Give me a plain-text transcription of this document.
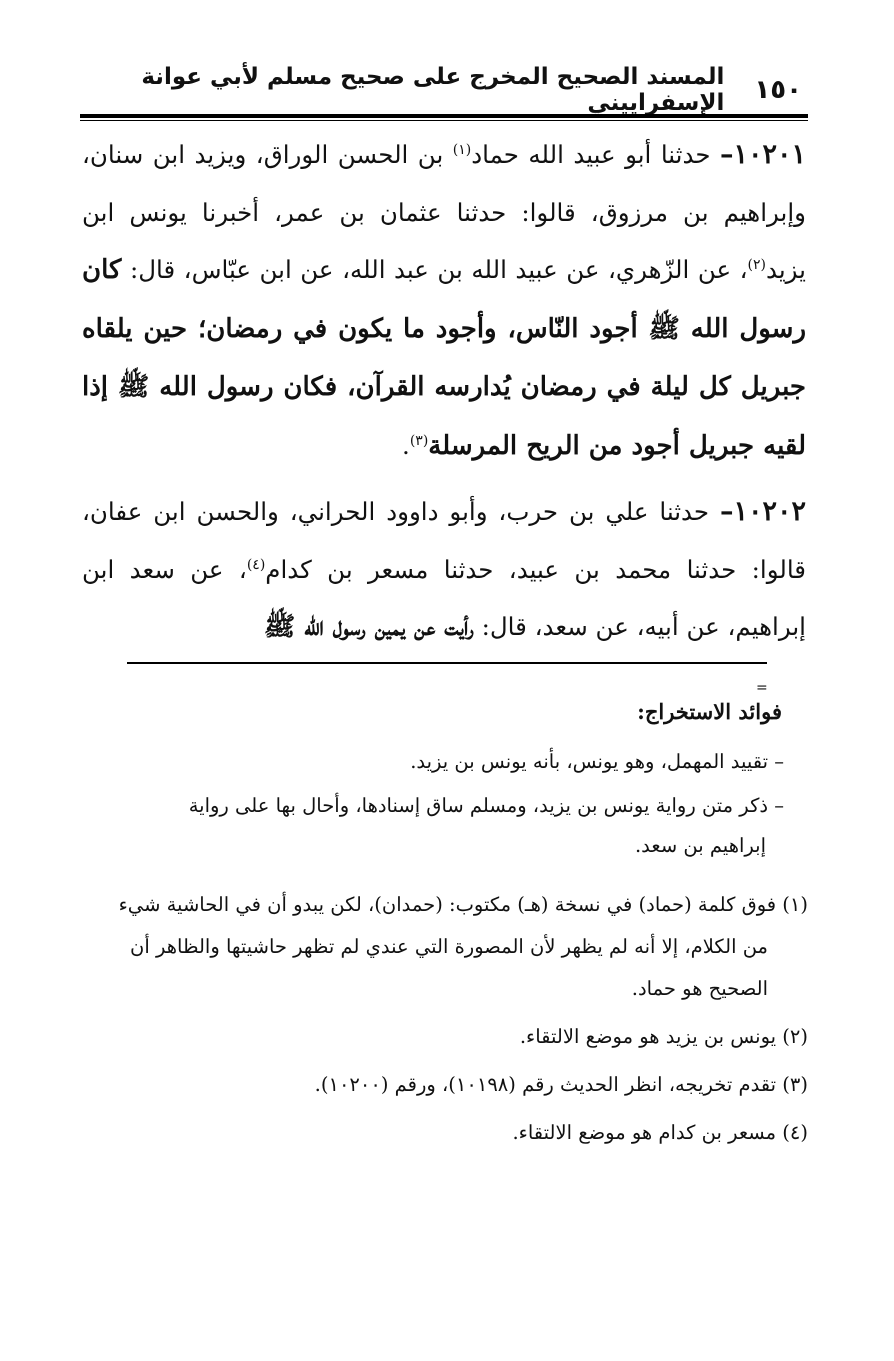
١٥٠
المسند الصحيح المخرج على صحيح مسلم لأبي عوانة الإسفراييني

١٠٢٠١– حدثنا أبو عبيد الله حماد$^{(١)}$ بن الحسن الوراق، ويزيد ابن سنان، وإبراهيم بن مرزوق، قالوا: حدثنا عثمان بن عمر، أخبرنا يونس ابن يزيد$^{(٢)}$، عن الزّهري، عن عبيد الله بن عبد الله، عن ابن عبّاس، قال: كان رسول الله ﷺ أجود النّاس، وأجود ما يكون في رمضان؛ حين يلقاه جبريل كل ليلة في رمضان يُدارسه القرآن، فكان رسول الله ﷺ إذا لقيه جبريل أجود من الريح المرسلة$^{(٣)}$.

١٠٢٠٢– حدثنا علي بن حرب، وأبو داوود الحراني، والحسن ابن عفان، قالوا: حدثنا محمد بن عبيد، حدثنا مسعر بن كدام$^{(٤)}$، عن سعد ابن إبراهيم، عن أبيه، عن سعد، قال: رأيت عن يمين رسول الله ﷺ

=
فوائد الاستخراج:
– تقييد المهمل، وهو يونس، بأنه يونس بن يزيد.
– ذكر متن رواية يونس بن يزيد، ومسلم ساق إسنادها، وأحال بها على رواية
إبراهيم بن سعد.
(١) فوق كلمة (حماد) في نسخة (هـ) مكتوب: (حمدان)، لكن يبدو أن في الحاشية شيء
من الكلام، إلا أنه لم يظهر لأن المصورة التي عندي لم تظهر حاشيتها والظاهر أن
الصحيح هو حماد.
(٢) يونس بن يزيد هو موضع الالتقاء.
(٣) تقدم تخريجه، انظر الحديث رقم (١٠١٩٨)، ورقم (١٠٢٠٠).
(٤) مسعر بن كدام هو موضع الالتقاء.
